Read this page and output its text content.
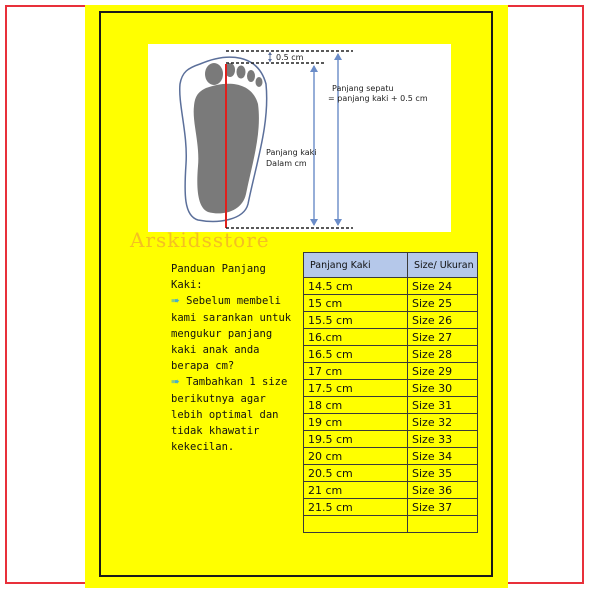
0.5 cm
Panjang sepatu
= panjang kaki + 0.5 cm
Panjang kaki
Dalam cm
Arskidsstore

Panduan Panjang Kaki:

➠ Sebelum membeli kami sarankan untuk mengukur panjang kaki anak anda berapa cm?

➠ Tambahkan 1 size berikutnya agar lebih optimal dan tidak khawatir kekecilan.

Panjang Kaki	Size/ Ukuran
14.5 cm	Size 24
15 cm	Size 25
15.5 cm	Size 26
16.cm	Size 27
16.5 cm	Size 28
17 cm	Size 29
17.5 cm	Size 30
18 cm	Size 31
19 cm	Size 32
19.5 cm	Size 33
20 cm	Size 34
20.5 cm	Size 35
21 cm	Size 36
21.5 cm	Size 37
